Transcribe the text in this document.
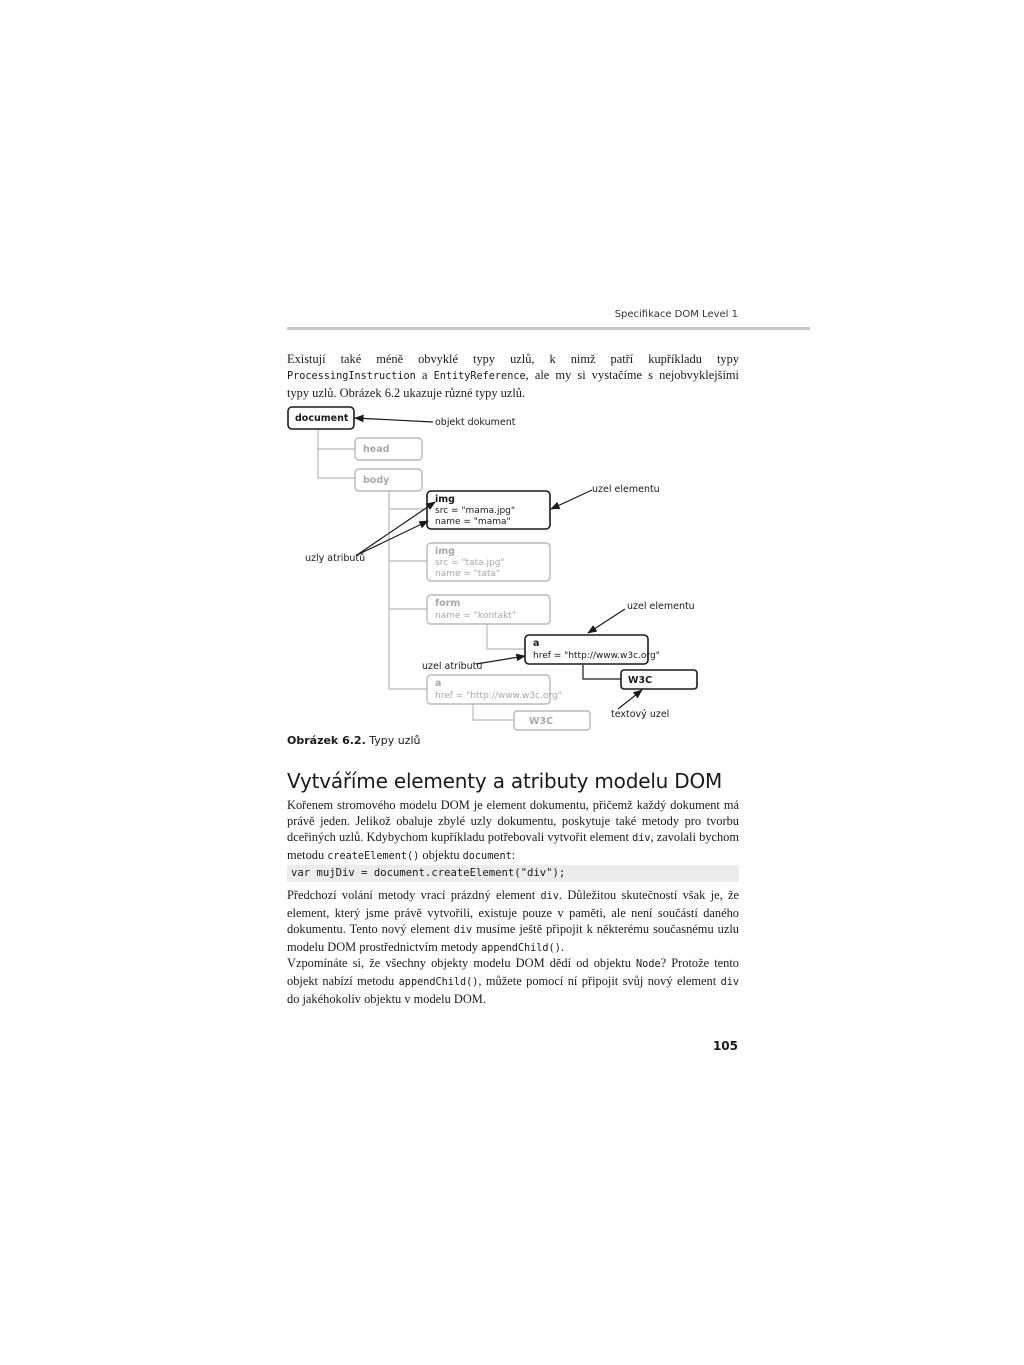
Specifikace DOM Level 1

Existují také méně obvyklé typy uzlů, k nimž patří kupříkladu typy ProcessingInstruction a EntityReference, ale my si vystačíme s nejobvyklejšími typy uzlů. Obrázek 6.2 ukazuje různé typy uzlů.

document
head
body
img
src = "mama.jpg"
name = "mama"
img
src = "tata.jpg"
name = "tata"
form
name = "kontakt"
a
href = "http://www.w3c.org"
W3C
a
href = "http://www.w3c.org"
W3C
objekt dokument
uzel elementu
uzly atributů
uzel elementu
uzel atributu
textový uzel
Obrázek 6.2. Typy uzlů
Vytváříme elementy a atributy modelu DOM

Kořenem stromového modelu DOM je element dokumentu, přičemž každý dokument má právě jeden. Jelikož obaluje zbylé uzly dokumentu, poskytuje také metody pro tvorbu dceřiných uzlů. Kdybychom kupříkladu potřebovali vytvořit element div, zavolali bychom metodu createElement() objektu document:

var mujDiv = document.createElement("div");

Předchozí volání metody vrací prázdný element div. Důležitou skutečností však je, že element, který jsme právě vytvořili, existuje pouze v paměti, ale není součástí daného dokumentu. Tento nový element div musíme ještě připojit k některému současnému uzlu modelu DOM prostřednictvím metody appendChild().

Vzpomínáte si, že všechny objekty modelu DOM dědí od objektu Node? Protože tento objekt nabízí metodu appendChild(), můžete pomocí ní připojit svůj nový element div do jakéhokoliv objektu v modelu DOM.

105
